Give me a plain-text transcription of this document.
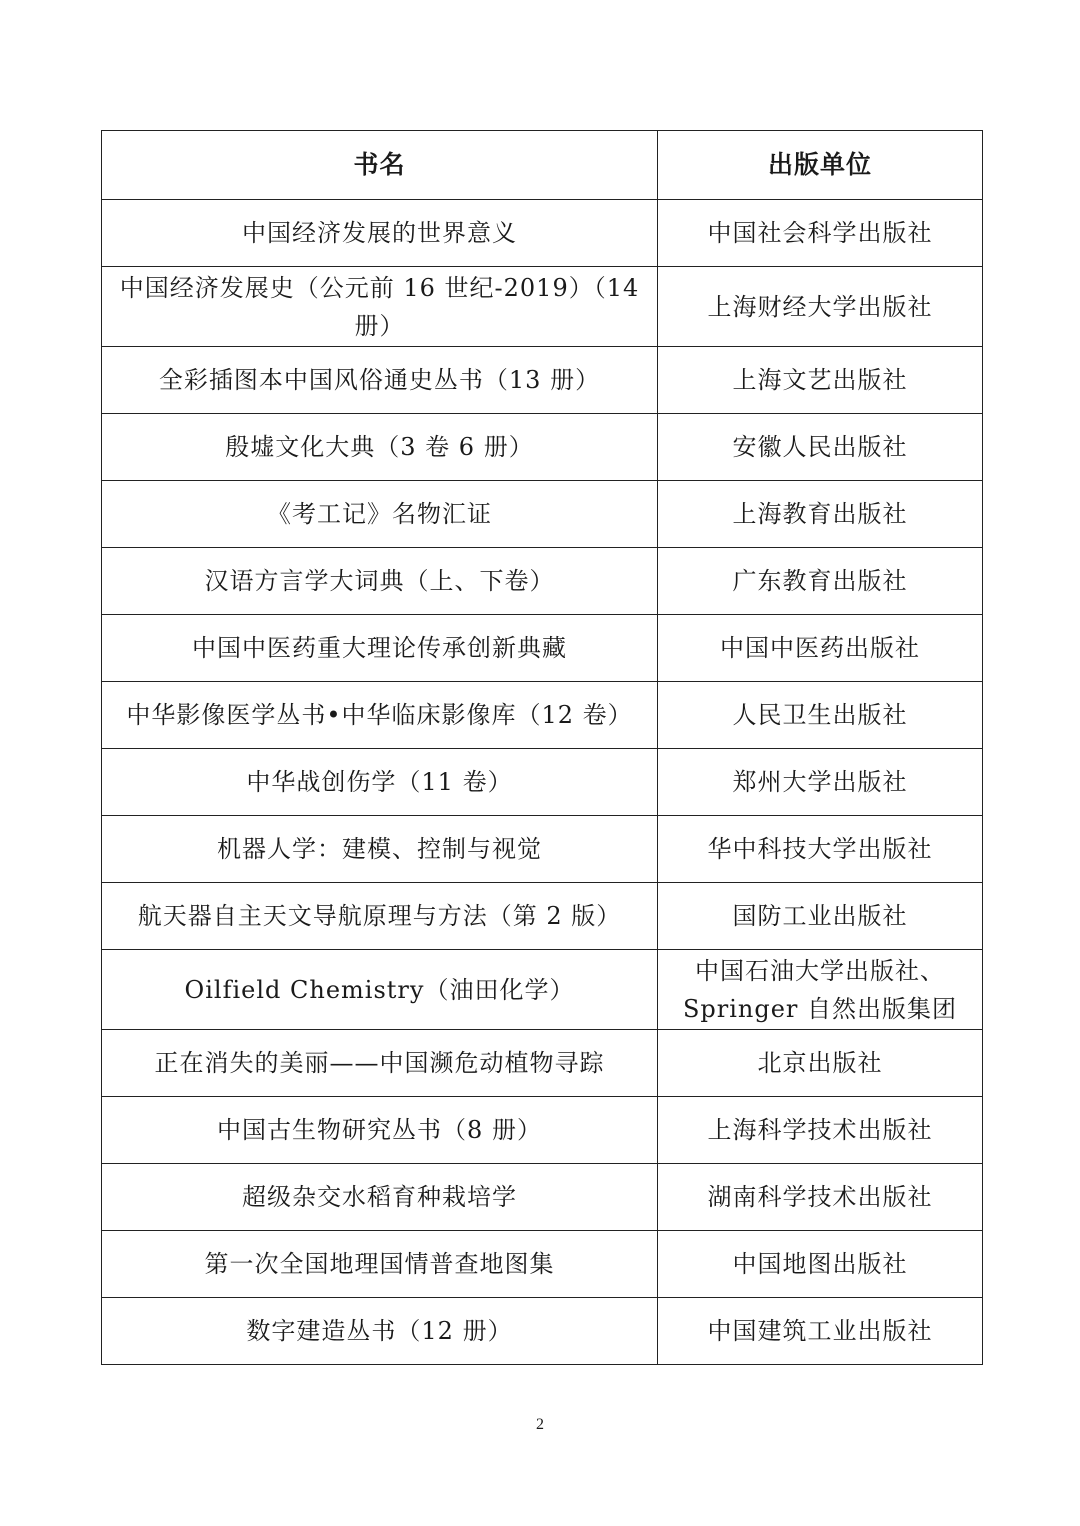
书名	出版单位
中国经济发展的世界意义	中国社会科学出版社
中国经济发展史（公元前 16 世纪-2019）（14 册）	上海财经大学出版社
全彩插图本中国风俗通史丛书（13 册）	上海文艺出版社
殷墟文化大典（3 卷 6 册）	安徽人民出版社
《考工记》名物汇证	上海教育出版社
汉语方言学大词典（上、下卷）	广东教育出版社
中国中医药重大理论传承创新典藏	中国中医药出版社
中华影像医学丛书•中华临床影像库（12 卷）	人民卫生出版社
中华战创伤学（11 卷）	郑州大学出版社
机器人学：建模、控制与视觉	华中科技大学出版社
航天器自主天文导航原理与方法（第 2 版）	国防工业出版社
Oilfield Chemistry（油田化学）	中国石油大学出版社、Springer 自然出版集团
正在消失的美丽——中国濒危动植物寻踪	北京出版社
中国古生物研究丛书（8 册）	上海科学技术出版社
超级杂交水稻育种栽培学	湖南科学技术出版社
第一次全国地理国情普查地图集	中国地图出版社
数字建造丛书（12 册）	中国建筑工业出版社
2
